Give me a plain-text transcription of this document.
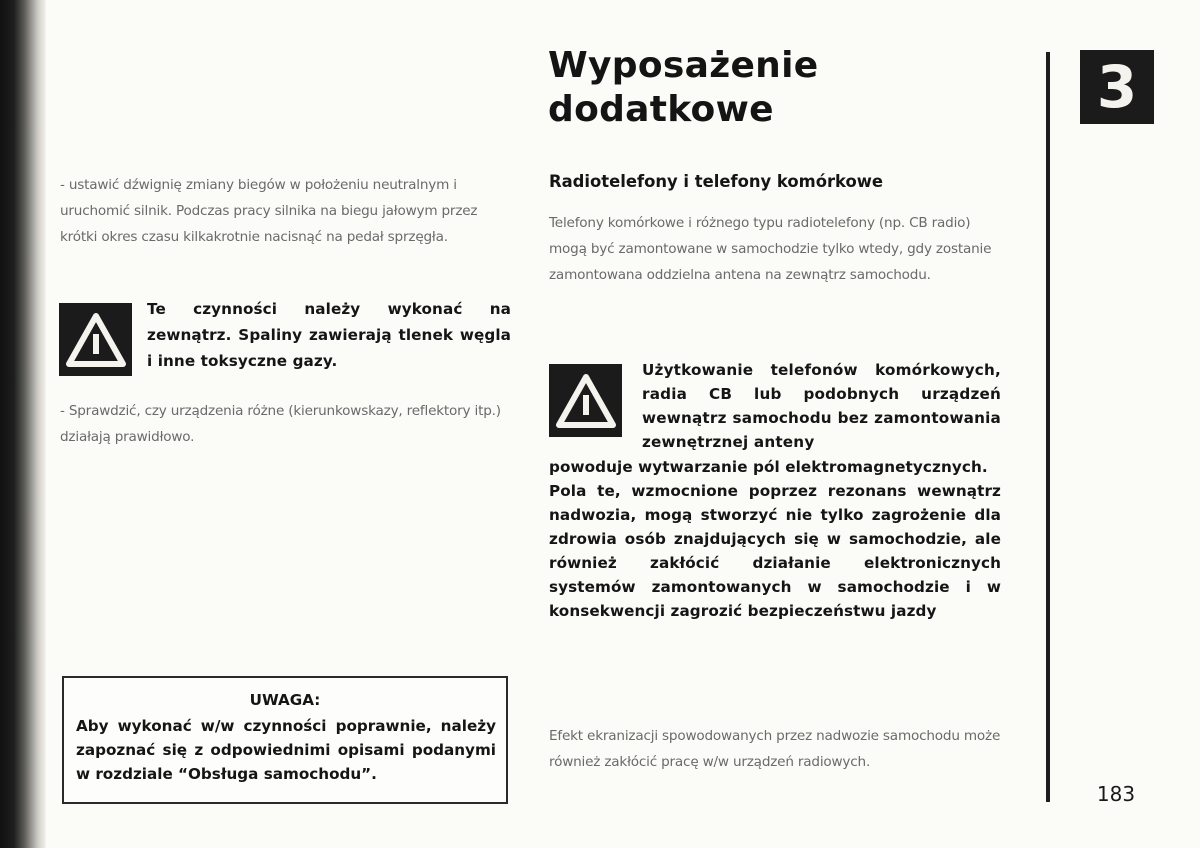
- ustawić dźwignię zmiany biegów w położeniu neutralnym i uruchomić silnik. Podczas pracy silnika na biegu jałowym przez krótki okres czasu kilkakrotnie nacisnąć na pedał sprzęgła.

Te czynności należy wykonać na zewnątrz. Spaliny zawierają tlenek węgla i inne toksyczne gazy.

- Sprawdzić, czy urządzenia różne (kierunkowskazy, reflektory itp.) działają prawidłowo.

UWAGA:

Aby wykonać w/w czynności poprawnie, należy zapoznać się z odpowiednimi opisami podanymi w rozdziale “Obsługa samochodu”.

Wyposażenie dodatkowe
Radiotelefony i telefony komórkowe

Telefony komórkowe i różnego typu radiotelefony (np. CB radio) mogą być zamontowane w samochodzie tylko wtedy, gdy zostanie zamontowana oddzielna antena na zewnątrz samochodu.

Użytkowanie telefonów komórkowych, radia CB lub podobnych urządzeń wewnątrz samochodu bez zamontowania zewnętrznej anteny

powoduje wytwarzanie pól elektromagnetycznych.
Pola te, wzmocnione poprzez rezonans wewnątrz nadwozia, mogą stworzyć nie tylko zagrożenie dla zdrowia osób znajdujących się w samochodzie, ale również zakłócić działanie elektronicznych systemów zamontowanych w samochodzie i w konsekwencji zagrozić bezpieczeństwu jazdy

Efekt ekranizacji spowodowanych przez nadwozie samochodu może również zakłócić pracę w/w urządzeń radiowych.

3

183
